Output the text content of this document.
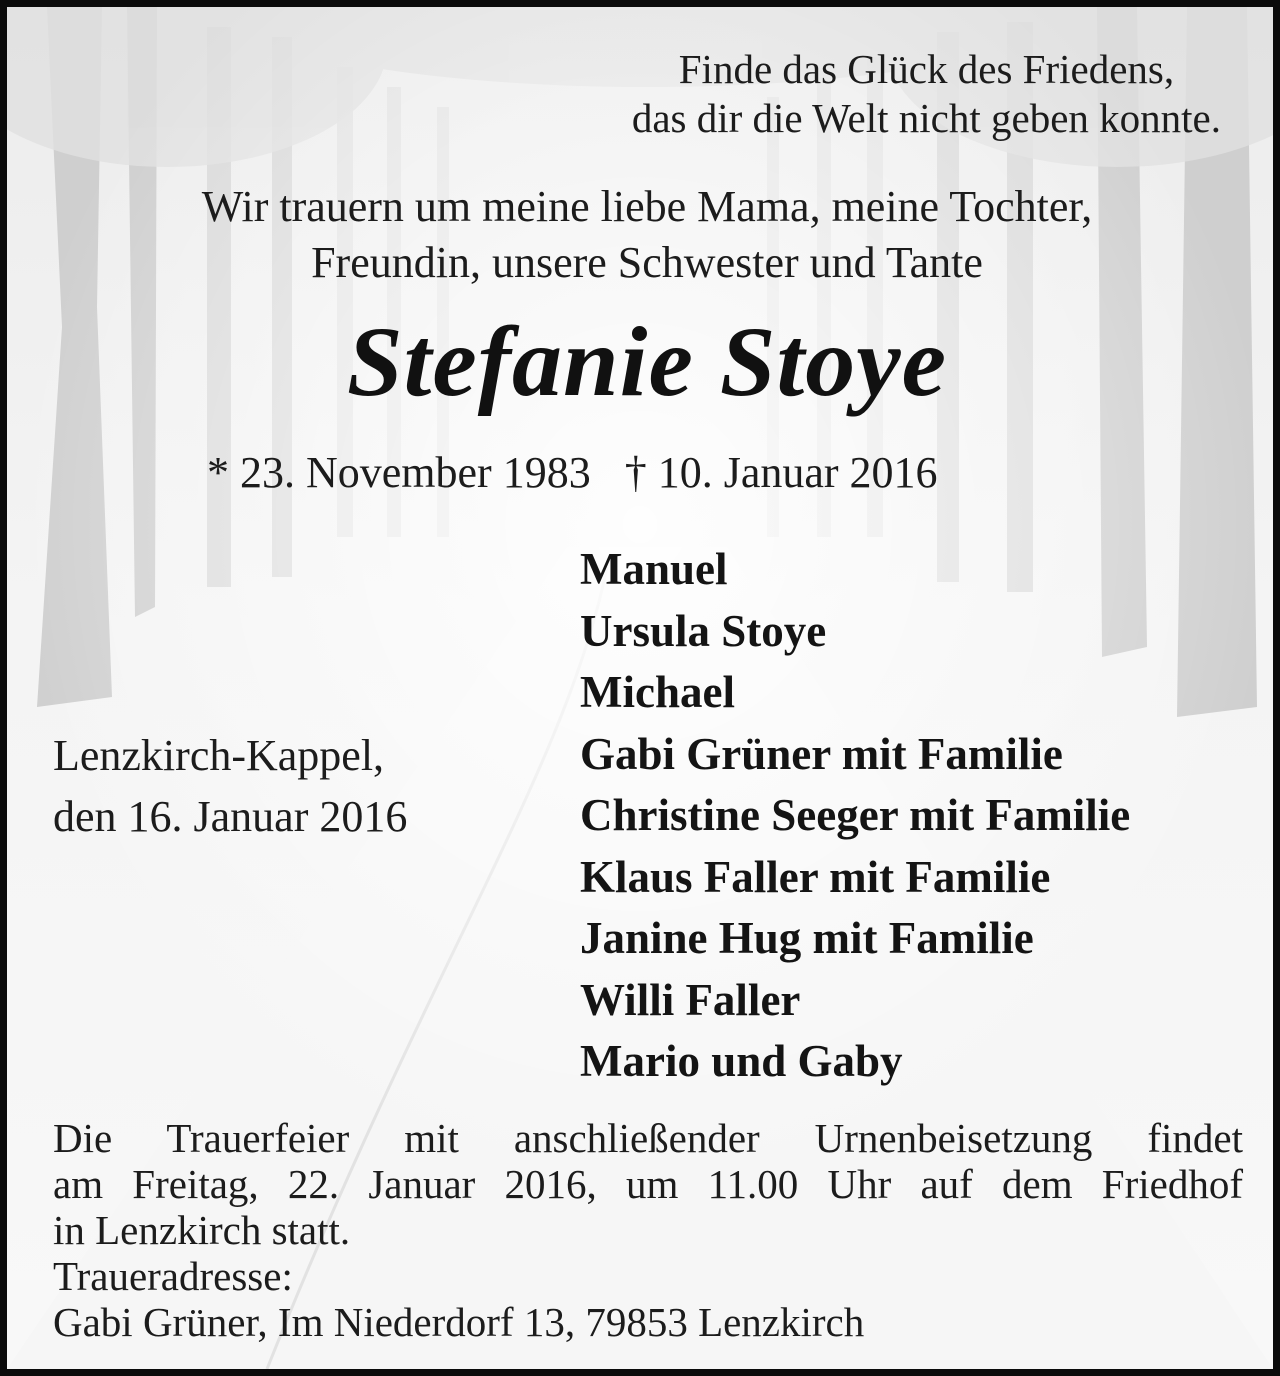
Finde das Glück des Friedens,
das dir die Welt nicht geben konnte.
Wir trauern um meine liebe Mama, meine Tochter,
Freundin, unsere Schwester und Tante
Stefanie Stoye
* 23. November 1983 † 10. Januar 2016
Lenzkirch-Kappel,
den 16. Januar 2016
Manuel
Ursula Stoye
Michael
Gabi Grüner mit Familie
Christine Seeger mit Familie
Klaus Faller mit Familie
Janine Hug mit Familie
Willi Faller
Mario und Gaby
Die Trauerfeier mit anschließender Urnenbeisetzung findet
am Freitag, 22. Januar 2016, um 11.00 Uhr auf dem Friedhof
in Lenzkirch statt.
Traueradresse:
Gabi Grüner, Im Niederdorf 13, 79853 Lenzkirch
